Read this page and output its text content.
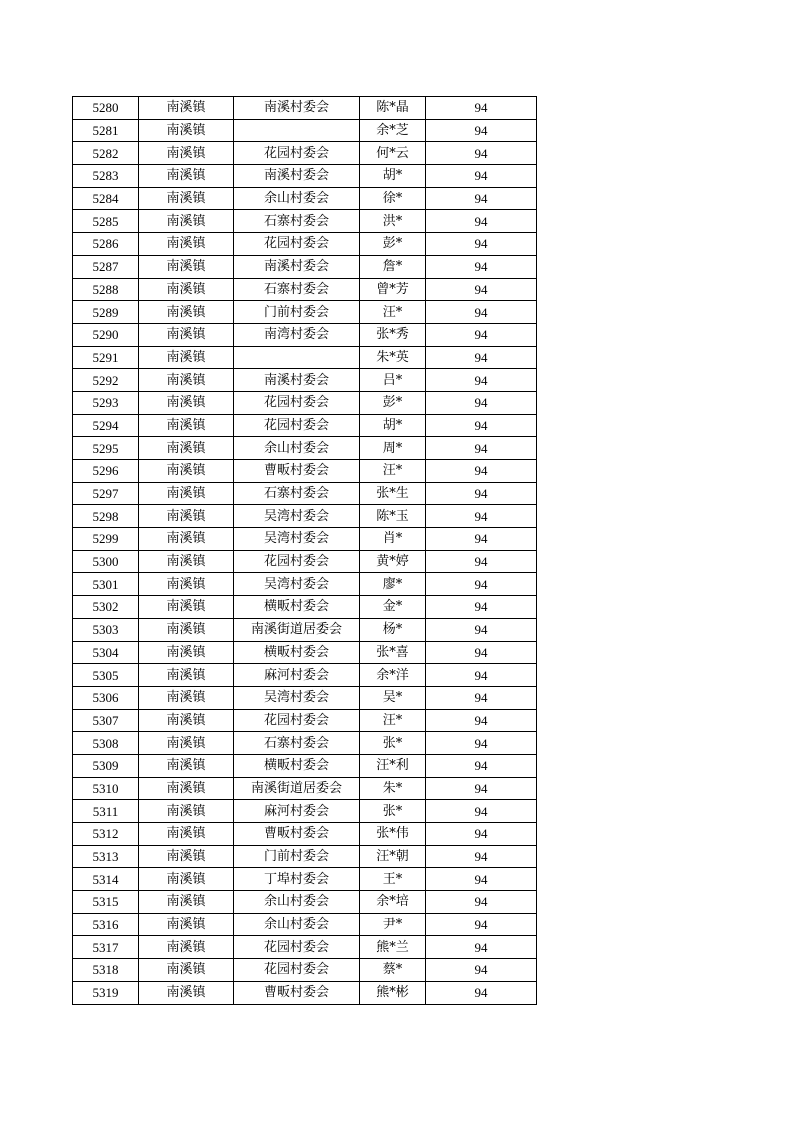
5280	南溪镇	南溪村委会	陈*晶	94
5281	南溪镇		余*芝	94
5282	南溪镇	花园村委会	何*云	94
5283	南溪镇	南溪村委会	胡*	94
5284	南溪镇	余山村委会	徐*	94
5285	南溪镇	石寨村委会	洪*	94
5286	南溪镇	花园村委会	彭*	94
5287	南溪镇	南溪村委会	詹*	94
5288	南溪镇	石寨村委会	曾*芳	94
5289	南溪镇	门前村委会	汪*	94
5290	南溪镇	南湾村委会	张*秀	94
5291	南溪镇		朱*英	94
5292	南溪镇	南溪村委会	吕*	94
5293	南溪镇	花园村委会	彭*	94
5294	南溪镇	花园村委会	胡*	94
5295	南溪镇	余山村委会	周*	94
5296	南溪镇	曹畈村委会	汪*	94
5297	南溪镇	石寨村委会	张*生	94
5298	南溪镇	吴湾村委会	陈*玉	94
5299	南溪镇	吴湾村委会	肖*	94
5300	南溪镇	花园村委会	黄*婷	94
5301	南溪镇	吴湾村委会	廖*	94
5302	南溪镇	横畈村委会	金*	94
5303	南溪镇	南溪街道居委会	杨*	94
5304	南溪镇	横畈村委会	张*喜	94
5305	南溪镇	麻河村委会	余*洋	94
5306	南溪镇	吴湾村委会	吴*	94
5307	南溪镇	花园村委会	汪*	94
5308	南溪镇	石寨村委会	张*	94
5309	南溪镇	横畈村委会	汪*利	94
5310	南溪镇	南溪街道居委会	朱*	94
5311	南溪镇	麻河村委会	张*	94
5312	南溪镇	曹畈村委会	张*伟	94
5313	南溪镇	门前村委会	汪*朝	94
5314	南溪镇	丁埠村委会	王*	94
5315	南溪镇	余山村委会	余*培	94
5316	南溪镇	余山村委会	尹*	94
5317	南溪镇	花园村委会	熊*兰	94
5318	南溪镇	花园村委会	蔡*	94
5319	南溪镇	曹畈村委会	熊*彬	94
